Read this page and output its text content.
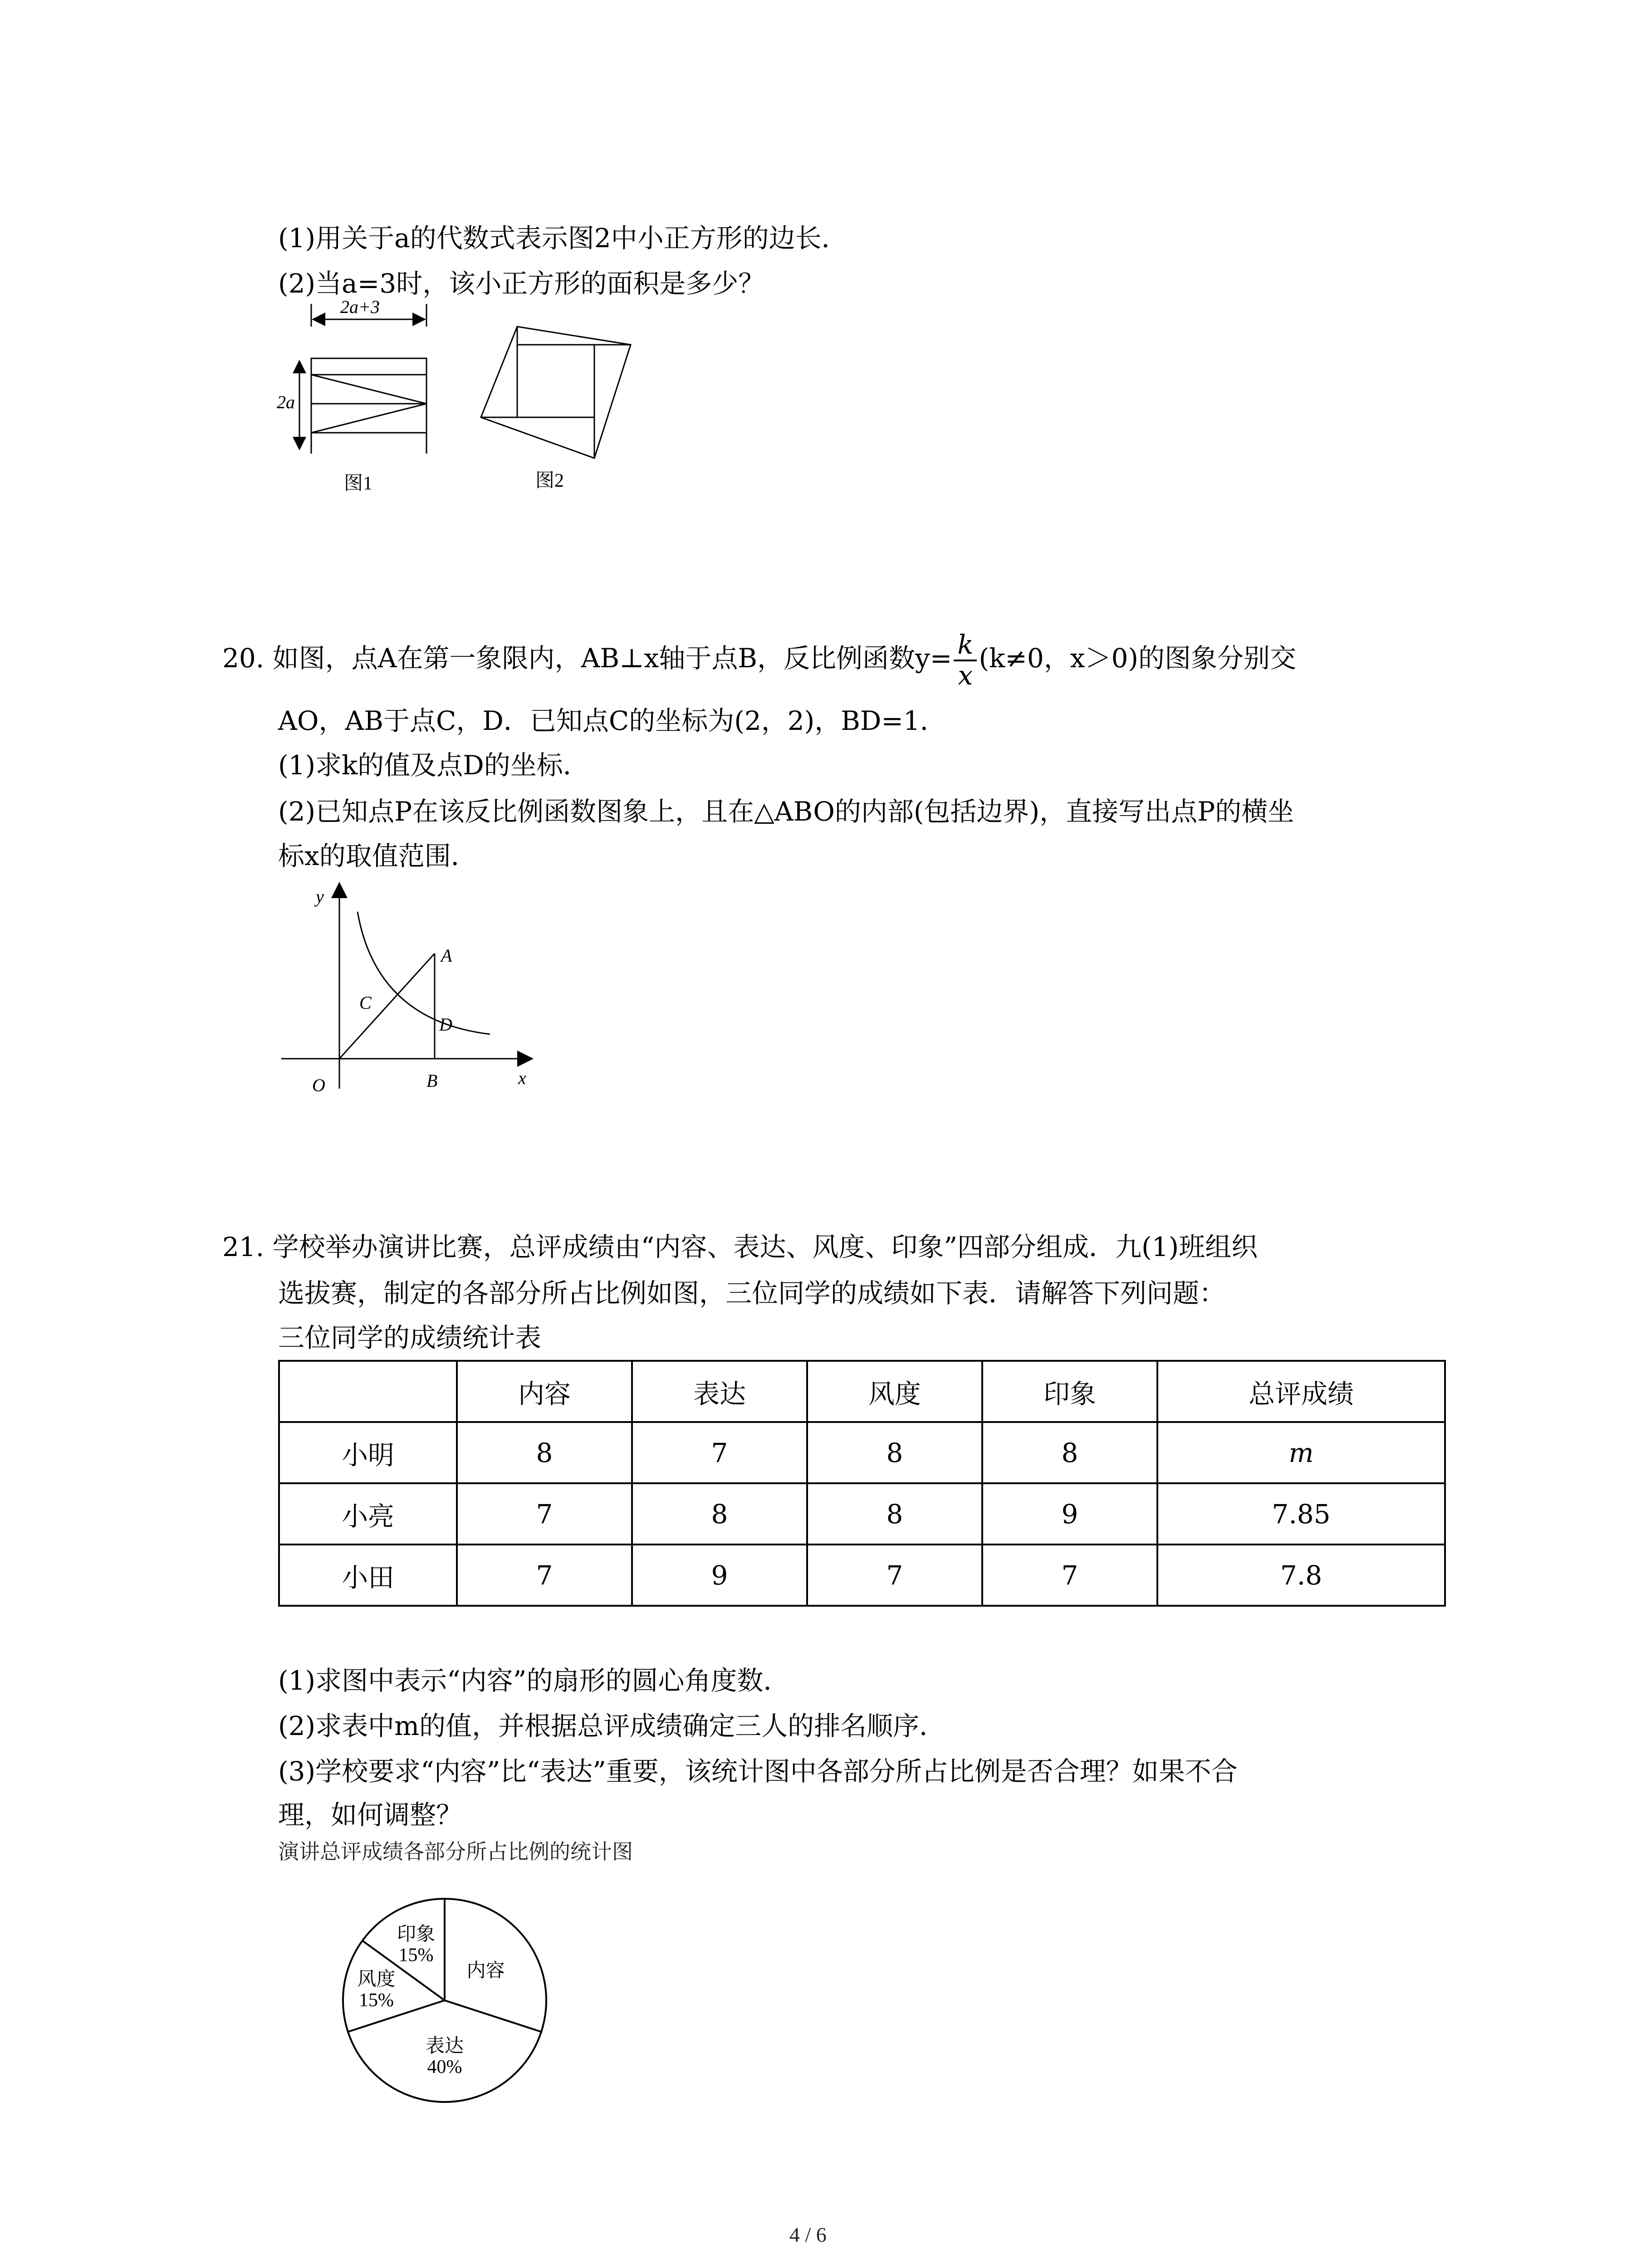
(1)用关于a的代数式表示图2中小正方形的边长．
(2)当a=3时，该小正方形的面积是多少？
2a+3
2a
图1	图2
20. 如图，点A在第一象限内，AB⊥x轴于点B，反比例函数$y= \frac{k}{x} (k\ne 0$，x＞0)的图象分别交
AO，AB于点C，D．已知点C的坐标为(2，2)，BD=1．
(1)求k的值及点D的坐标．
(2)已知点P在该反比例函数图象上，且在△ABO的内部(包括边界)，直接写出点P的横坐
标x的取值范围．
y
x
O
A
B
C
D
21. 学校举办演讲比赛，总评成绩由“内容、表达、风度、印象”四部分组成．九(1)班组织
选拔赛，制定的各部分所占比例如图，三位同学的成绩如下表．请解答下列问题：
三位同学的成绩统计表
	内容	表达	风度	印象	总评成绩
小明	8	7	8	8	m
小亮	7	8	8	9	7.85
小田	7	9	7	7	7.8
(1)求图中表示“内容”的扇形的圆心角度数．
(2)求表中m的值，并根据总评成绩确定三人的排名顺序．
(3)学校要求“内容”比“表达”重要，该统计图中各部分所占比例是否合理？如果不合
理，如何调整？
演讲总评成绩各部分所占比例的统计图
内容
表达
40%
风度
15%
印象
15%
4 / 6
